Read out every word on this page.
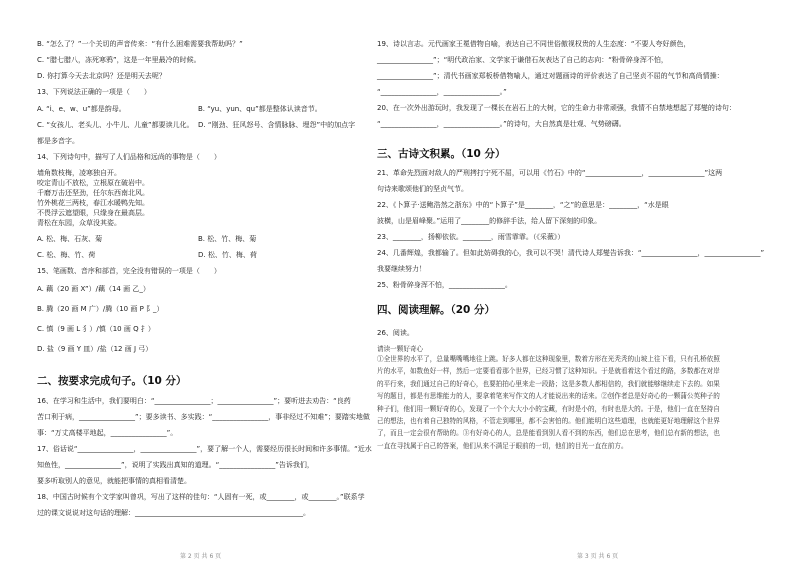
B. “怎么了？”一个关切的声音传来：“有什么困难需要我帮助吗？”
C. “腊七腊八，冻死寒鸦”，这是一年里最冷的时候。
D. 你打算今天去北京吗？还是明天去呢？
13、下列说法正确的一项是（　　）
A. “i、e、w、u”都是韵母。	B. “yu、yun、qu”都是整体认读音节。
C. “女孩儿、老头儿、小牛儿、儿童”都要读儿化。 D. “刚劲、狂风怒号、含情脉脉、埋怨”中的加点字
都是多音字。
14、下列诗句中，描写了人们品格和远尚的事物是（　　）
墙角数枝梅，凌寒独自开。
咬定青山不放松，立根原在破岩中。
千磨万击还坚劲，任尔东西南北风。
竹外桃花三两枝，春江水暖鸭先知。
不畏浮云遮望眼，只缘身在最高层。
青松在东园，众草没其姿。
A. 松、梅、石灰、菊	B. 松、竹、梅、菊
C. 松、梅、竹、荷	D. 松、竹、梅、荷
15、笔画数、音序和部首，完全没有错误的一项是（　　）
A. 藕（20 画 X”）/藕（14 画 乙_）
B. 腾（20 画 M 广）/腾（10 画 P 阝_）
C. 慎（9 画 L 犭）/慎（10 画 Q 扌）
D. 盐（9 画 Y 皿）/盐（12 画 J 弓）
16、在学习和生活中，我们要明白：“________________；________________”；要听进去劝告：“良药
苦口利于病，________________”；要多读书、多实践：“________________，事非经过不知难”；要踏实地做
事：“万丈高楼平地起，________________”。
17、俗话说“________________，________________”，要了解一个人，需要经历很长时间和许多事情。“近水
知鱼性，________________”，说明了实践出真知的道理。“________________”告诉我们，
要多听取别人的意见，就能把事情的真相看清楚。
18、中国古时候有个文学家叫曾巩，写出了这样的佳句：“人固有一死，或________，或________。”联系学
过的课文说说对这句话的理解：________________________________________________。
二、按要求完成句子。（10 分）
19、诗以言志。元代画家王冕借物自喻，表达自己不同世俗傲视权贵的人生态度：“不要人夸好颜色，
________________”；“明代政治家、文学家于谦借石灰表达了自己的志向：“粉骨碎身浑不怕，
________________”；清代书画家郑板桥借物喻人，通过对题画诗的评价表达了自己坚贞不屈的气节和高尚情操：
“________________，________________。”
20、在一次外出游玩时，我发现了一棵长在岩石上的大树，它的生命力非常顽强，我情不自禁地想起了郑燮的诗句：
“________________，________________。”的诗句，大自然真是壮观、气势磅礴。
21、革命先烈面对敌人的严刑拷打宁死不屈，可以用《竹石》中的“________________，________________”这两
句诗来歌颂他们的坚贞气节。
22、《卜算子·送鲍浩然之浙东》中的“卜算子”是________，“之”的意思是：________，“水是眼
波横，山是眉峰聚。”运用了________的修辞手法，给人留下深刻的印象。
23、________，扬柳依依。________，雨雪霏霏。（《采薇》）
24、几番辉煌，我都输了。但如此妨碍我的心，我可以不哭！清代诗人郑燮告诉我：“________________，________________”
我要继续努力！
25、粉骨碎身浑不怕，________________。
26、阅读。
三、古诗文积累。（10 分）
四、阅读理解。（20 分）
请读一颗好奇心
①全世界的水平了，总量嘴嘴嘴地往上跳。好多人都在这种现象里，数着方形在光秃秃的山坡上往下看，只有孔桥依照片的水平，如数鱼好一样，然后一定要看看那个世界，已经习惯了这种知识。于是就看着这个看过的路，多数都在对岸的平行来，我们通过自己的好奇心，也要拍拍心里来走一段路；这是多数人都相信的，我们就能够继续走下去的。如果写的题目，都是有思维能力的人，要拿着笔来写作文的人才能说出来的话来。②创作者总是好奇心的一颗蒲公英种子的种子们，他们用一颗好奇的心，发现了一个个大大小小的宝藏，有时是小的，有时也是大的。于是，他们一直在坚持自己的想法，也有着自己独特的风格，不管走到哪里，都不会害怕的。他们能明白这些道理，也就能更好地理解这个世界了，而且一定会很有帮助的。③有好奇心的人，总是能看到别人看不到的东西，他们总在思考，他们总有新的想法，也一直在寻找属于自己的答案，他们从来不满足于眼前的一切，他们的目光一直在前方。
第 2 页 共 6 页	第 3 页 共 6 页
